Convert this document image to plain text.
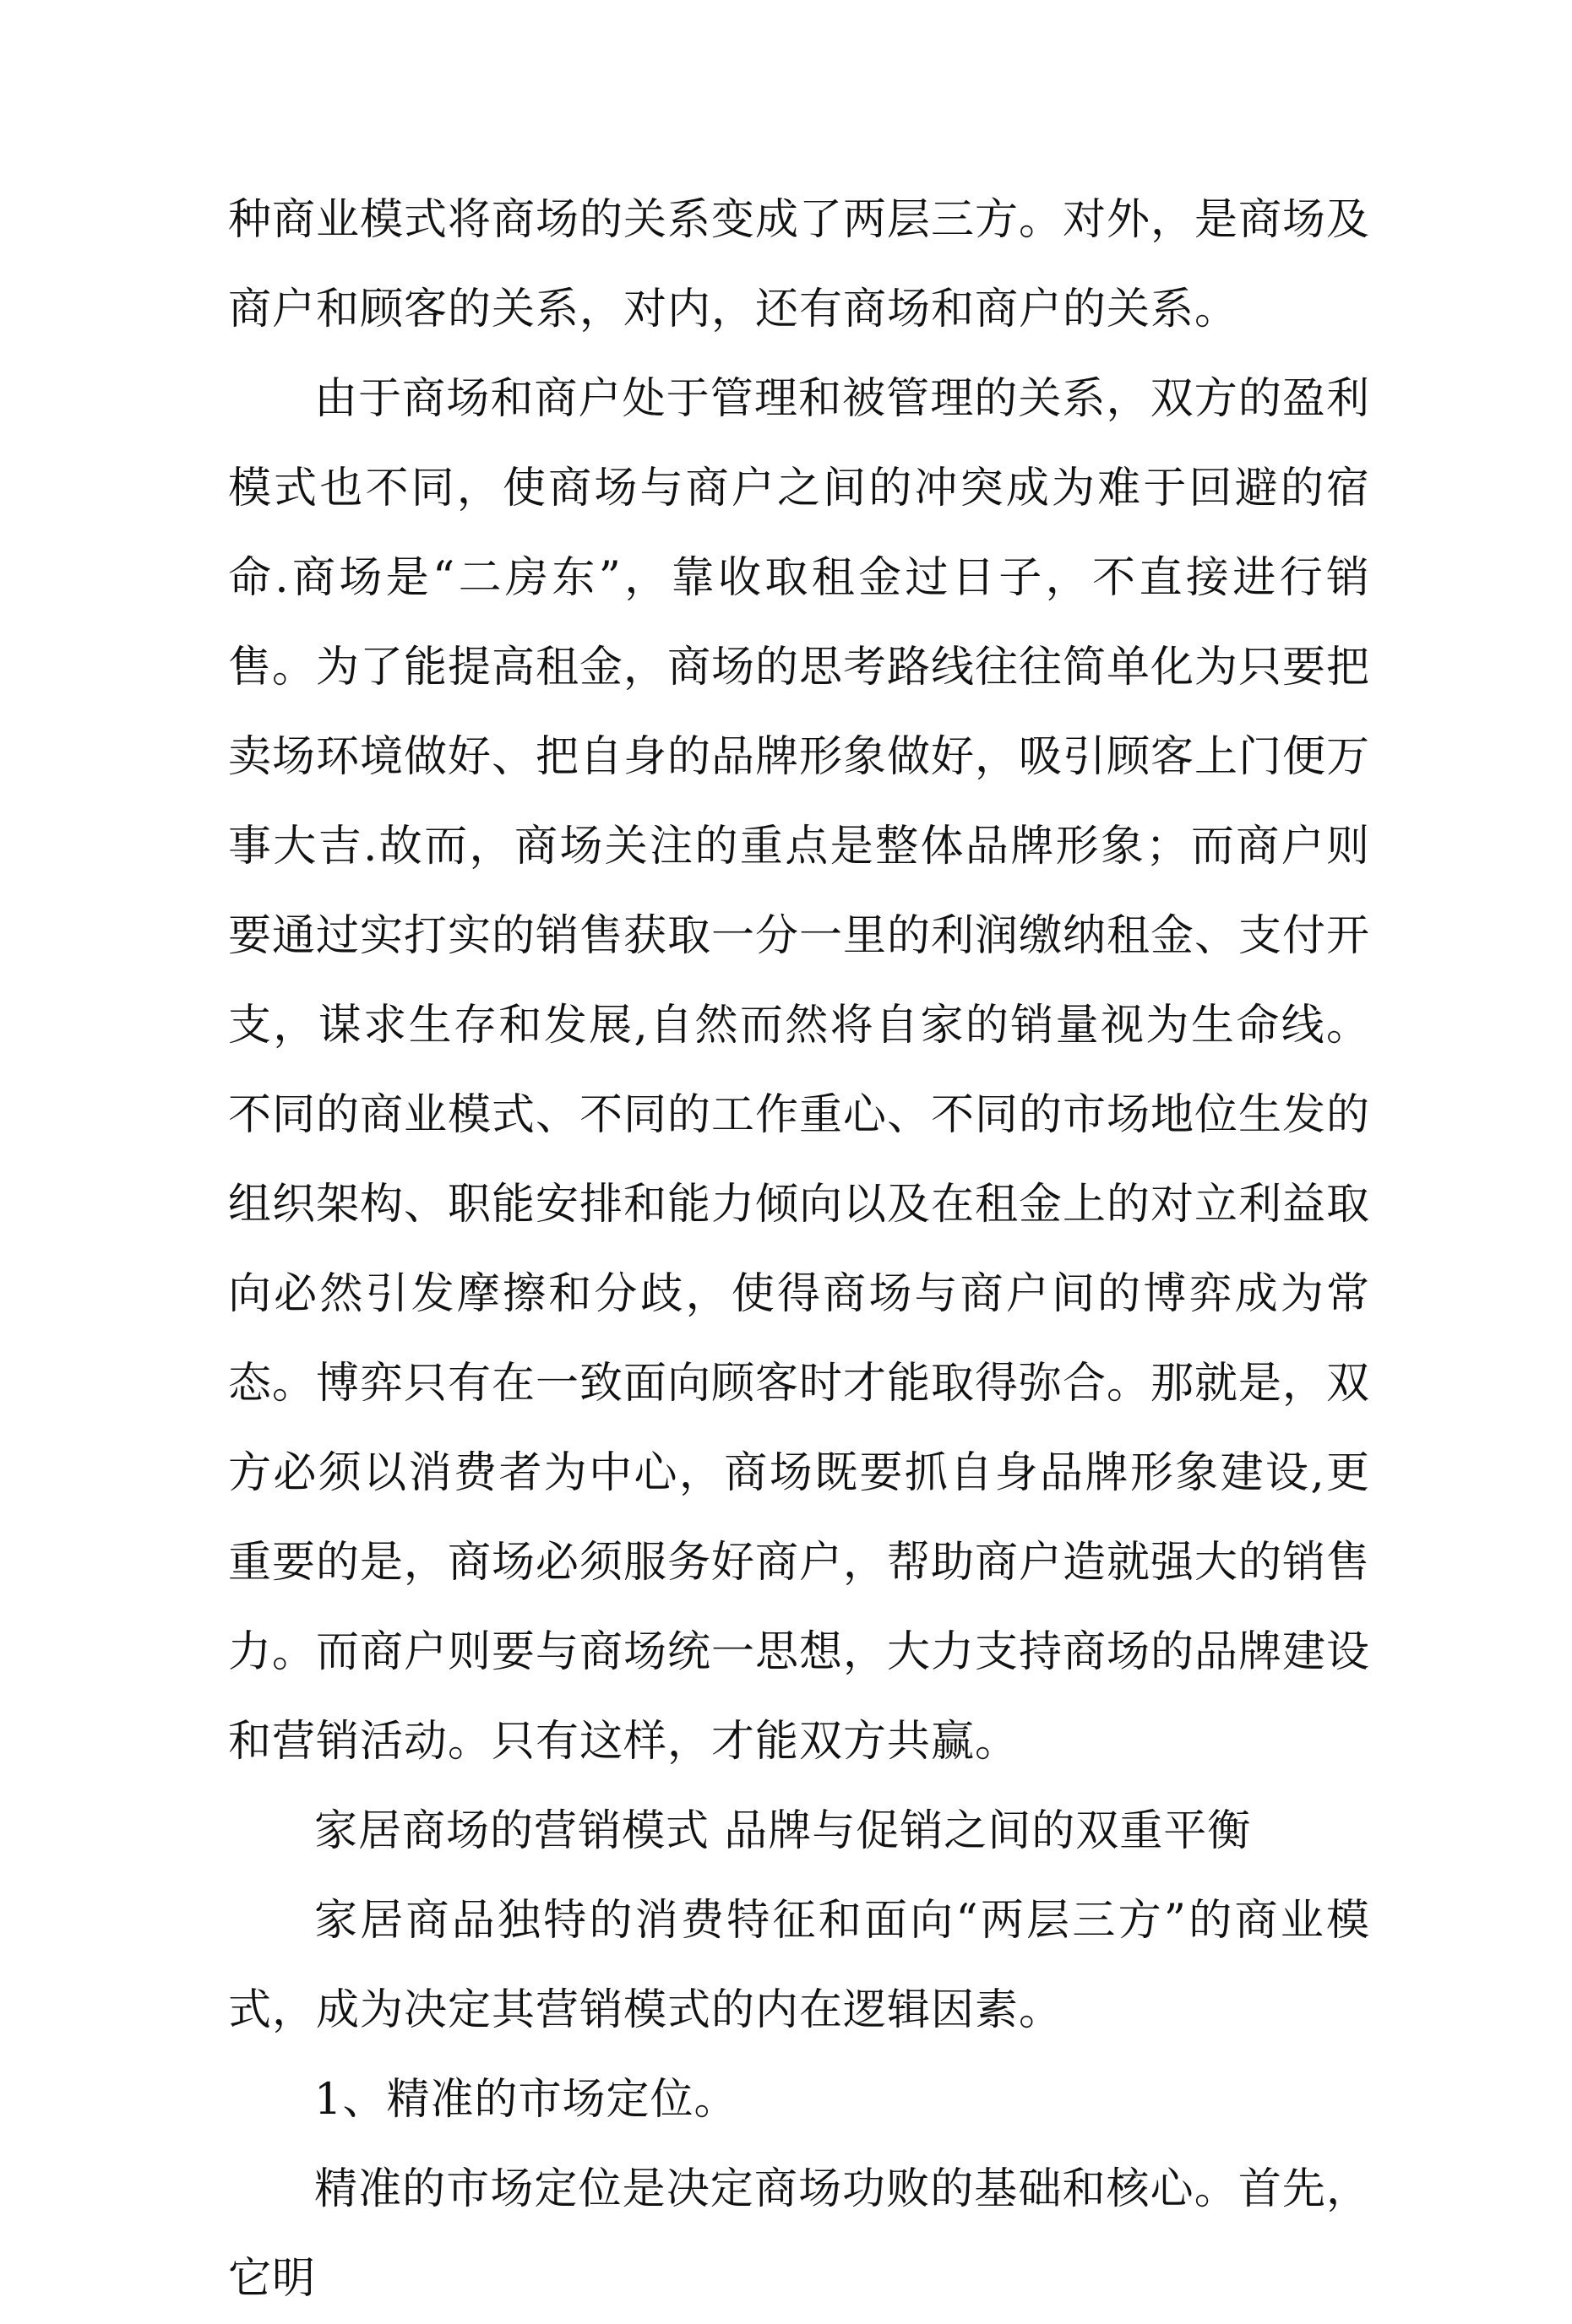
种商业模式将商场的关系变成了两层三方。对外，是商场及商户和顾客的关系，对内，还有商场和商户的关系。

由于商场和商户处于管理和被管理的关系，双方的盈利模式也不同，使商场与商户之间的冲突成为难于回避的宿命.商场是“二房东”，靠收取租金过日子，不直接进行销售。为了能提高租金，商场的思考路线往往简单化为只要把卖场环境做好、把自身的品牌形象做好，吸引顾客上门便万事大吉.故而，商场关注的重点是整体品牌形象；而商户则要通过实打实的销售获取一分一里的利润缴纳租金、支付开支，谋求生存和发展,自然而然将自家的销量视为生命线。不同的商业模式、不同的工作重心、不同的市场地位生发的组织架构、职能安排和能力倾向以及在租金上的对立利益取向必然引发摩擦和分歧，使得商场与商户间的博弈成为常态。博弈只有在一致面向顾客时才能取得弥合。那就是，双方必须以消费者为中心，商场既要抓自身品牌形象建设,更重要的是，商场必须服务好商户，帮助商户造就强大的销售力。而商户则要与商场统一思想，大力支持商场的品牌建设和营销活动。只有这样，才能双方共赢。

家居商场的营销模式 品牌与促销之间的双重平衡

家居商品独特的消费特征和面向“两层三方”的商业模式，成为决定其营销模式的内在逻辑因素。

1、精准的市场定位。

精准的市场定位是决定商场功败的基础和核心。首先，它明
